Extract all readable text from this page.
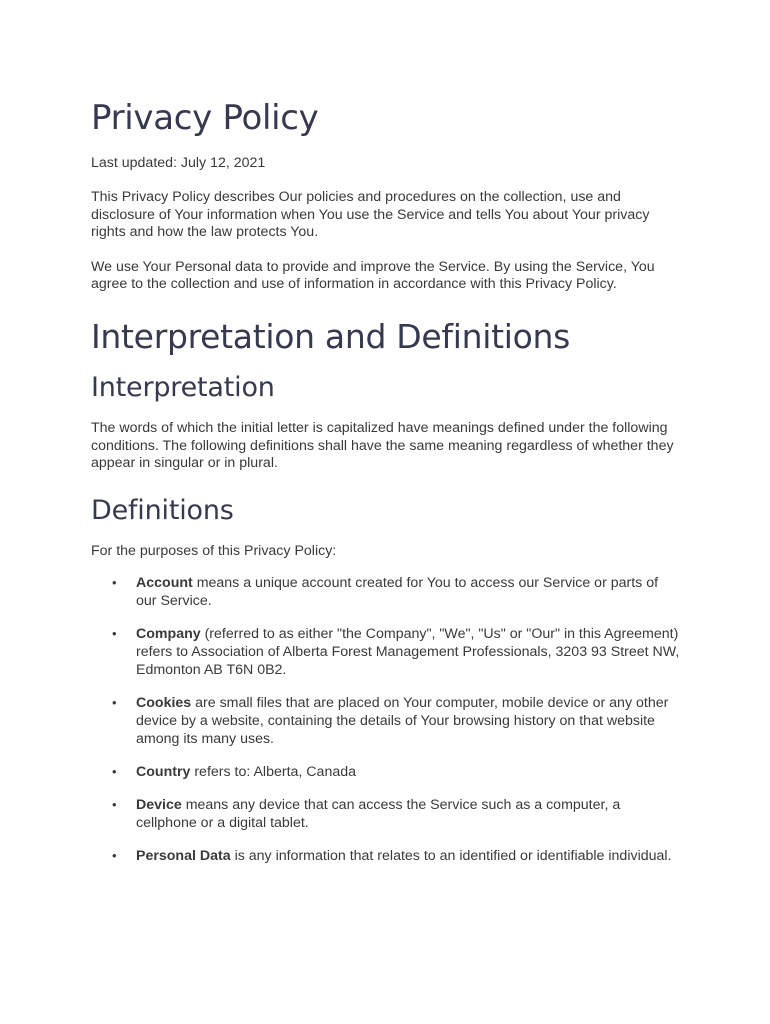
Privacy Policy

Last updated: July 12, 2021

This Privacy Policy describes Our policies and procedures on the collection, use and disclosure of Your information when You use the Service and tells You about Your privacy rights and how the law protects You.

We use Your Personal data to provide and improve the Service. By using the Service, You agree to the collection and use of information in accordance with this Privacy Policy.

Interpretation and Definitions
Interpretation

The words of which the initial letter is capitalized have meanings defined under the following conditions. The following definitions shall have the same meaning regardless of whether they appear in singular or in plural.

Definitions

For the purposes of this Privacy Policy:

• Account means a unique account created for You to access our Service or parts of our Service.
• Company (referred to as either "the Company", "We", "Us" or "Our" in this Agreement) refers to Association of Alberta Forest Management Professionals, 3203 93 Street NW, Edmonton AB T6N 0B2.
• Cookies are small files that are placed on Your computer, mobile device or any other device by a website, containing the details of Your browsing history on that website among its many uses.
• Country refers to: Alberta, Canada
• Device means any device that can access the Service such as a computer, a cellphone or a digital tablet.
• Personal Data is any information that relates to an identified or identifiable individual.
